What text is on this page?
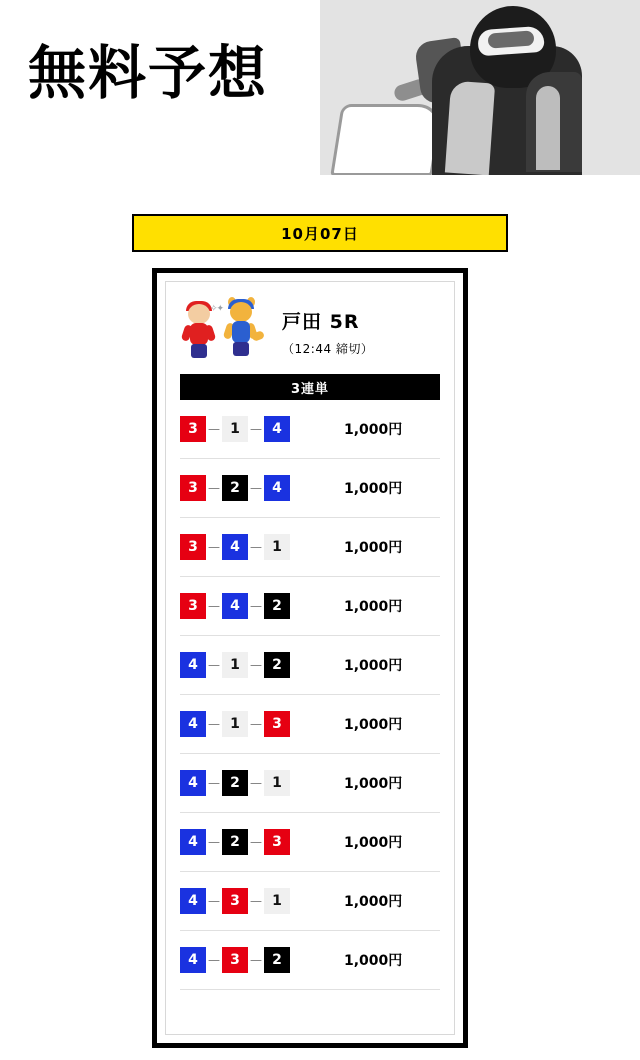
無料予想
10月07日
✧✦
戸田 5R
（12:44 締切）
3連単
3 — 1 — 4	1,000円
3 — 2 — 4	1,000円
3 — 4 — 1	1,000円
3 — 4 — 2	1,000円
4 — 1 — 2	1,000円
4 — 1 — 3	1,000円
4 — 2 — 1	1,000円
4 — 2 — 3	1,000円
4 — 3 — 1	1,000円
4 — 3 — 2	1,000円
